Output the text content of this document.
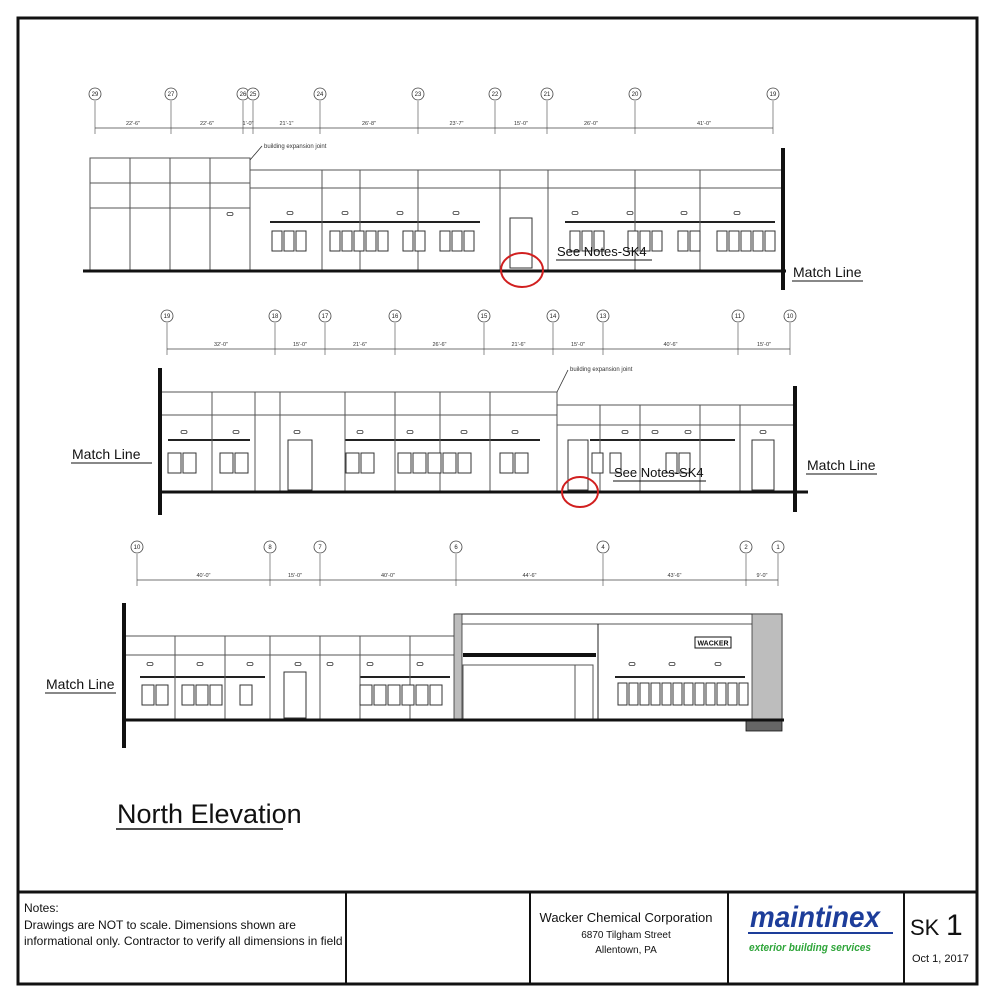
29	27	26 25	24	23	22	21	20	19
22'-6"	22'-6"	1'-0"	21'-1"	26'-8"	23'-7"	15'-0"	26'-0"	41'-0"
building expansion joint
See Notes-SK4
Match Line
19	18	17	16	15	14	13	11	10
32'-0"	15'-0"	21'-6"	26'-6"	21'-6"	15'-0"	40'-6"	15'-0"
building expansion joint
See Notes-SK4
Match Line
Match Line
10	8	7	6	4	2	1
40'-0"	15'-0"	40'-0"	44'-6"	43'-6"	9'-0"
WACKER
Match Line
North Elevation
Notes:
Drawings are NOT to scale. Dimensions shown are
informational only. Contractor to verify all dimensions in field
Wacker Chemical Corporation
6870 Tilgham Street
Allentown, PA
maintinex
exterior building services
SK 1
Oct 1, 2017
